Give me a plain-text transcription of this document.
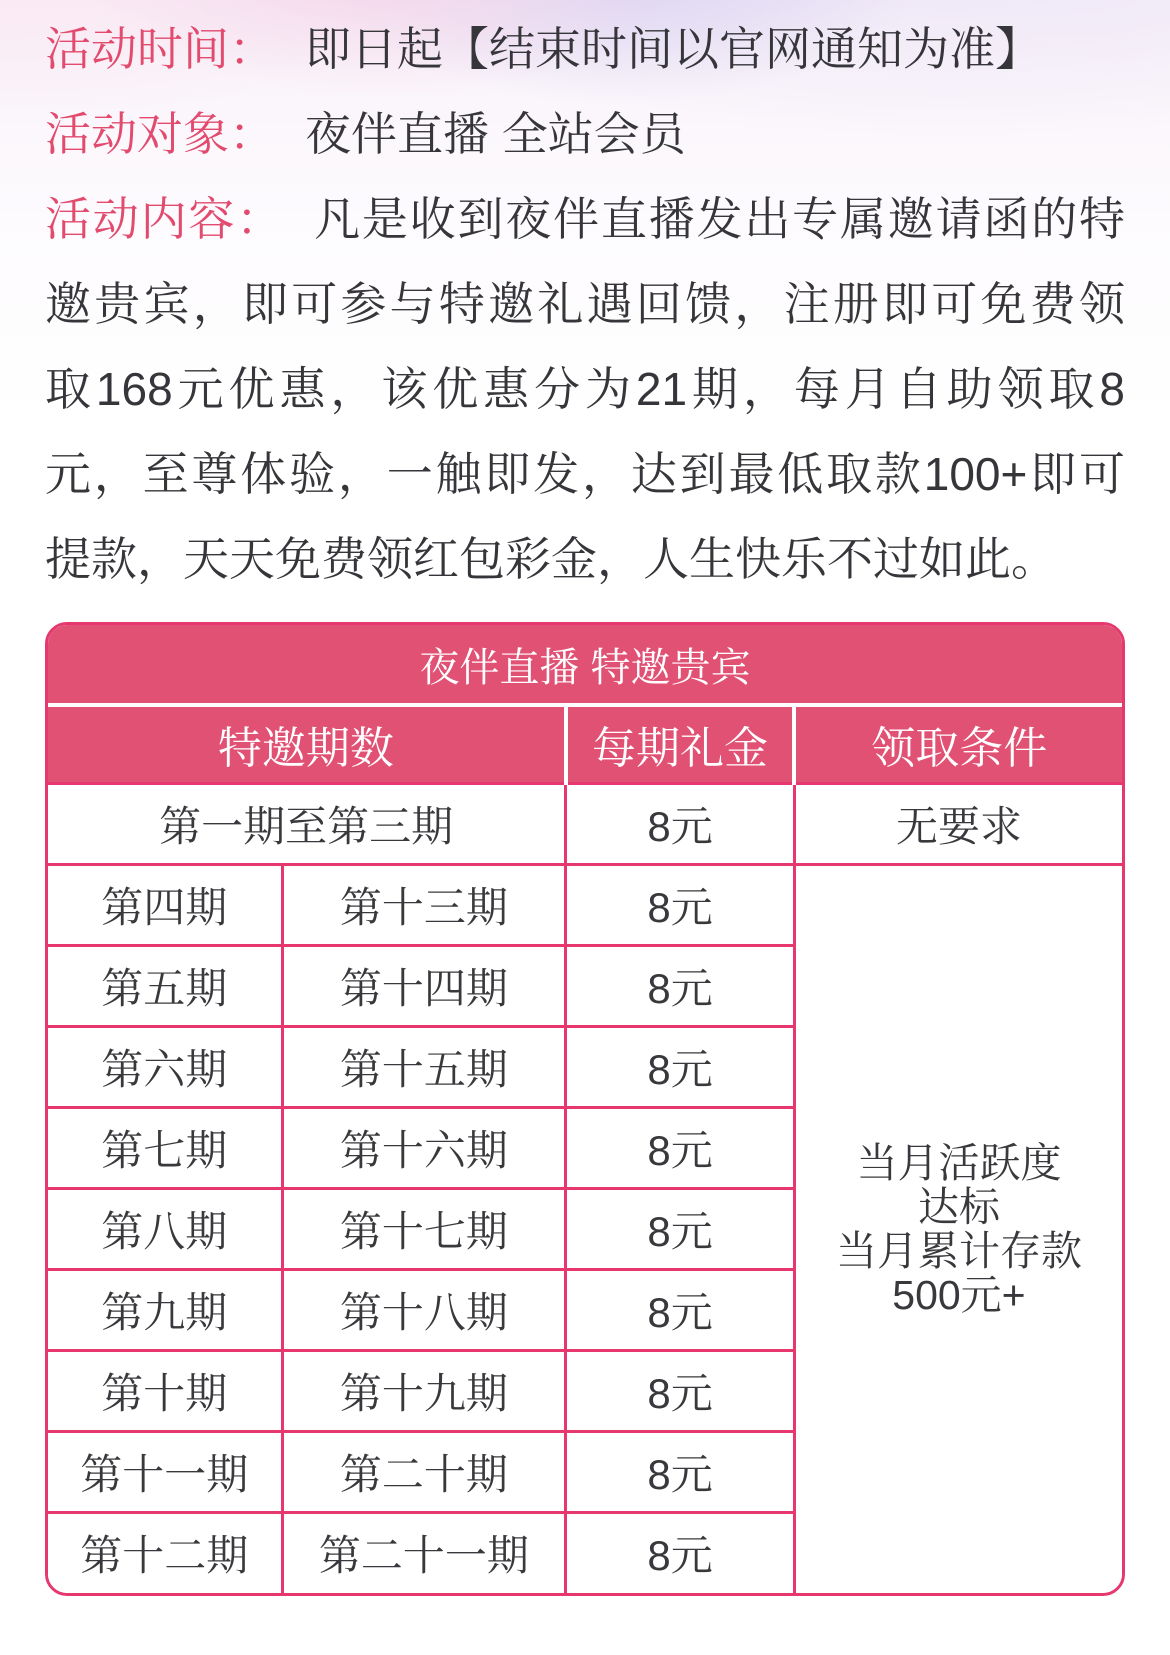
活动时间： 即日起【结束时间以官网通知为准】
活动对象： 夜伴直播 全站会员
活动内容： 凡是收到夜伴直播发出专属邀请函的特
邀贵宾，即可参与特邀礼遇回馈，注册即可免费领
取168元优惠，该优惠分为21期，每月自助领取8
元，至尊体验，一触即发，达到最低取款100+即可
提款，天天免费领红包彩金，人生快乐不过如此。
夜伴直播 特邀贵宾			
特邀期数		每期礼金	领取条件
第一期至第三期		8元	无要求
第四期	第十三期	8元	当月活跃度
达标
当月累计存款
500元+

第五期	第十四期	8元	
第六期	第十五期	8元	
第七期	第十六期	8元	
第八期	第十七期	8元	
第九期	第十八期	8元	
第十期	第十九期	8元	
第十一期	第二十期	8元	
第十二期	第二十一期	8元	
